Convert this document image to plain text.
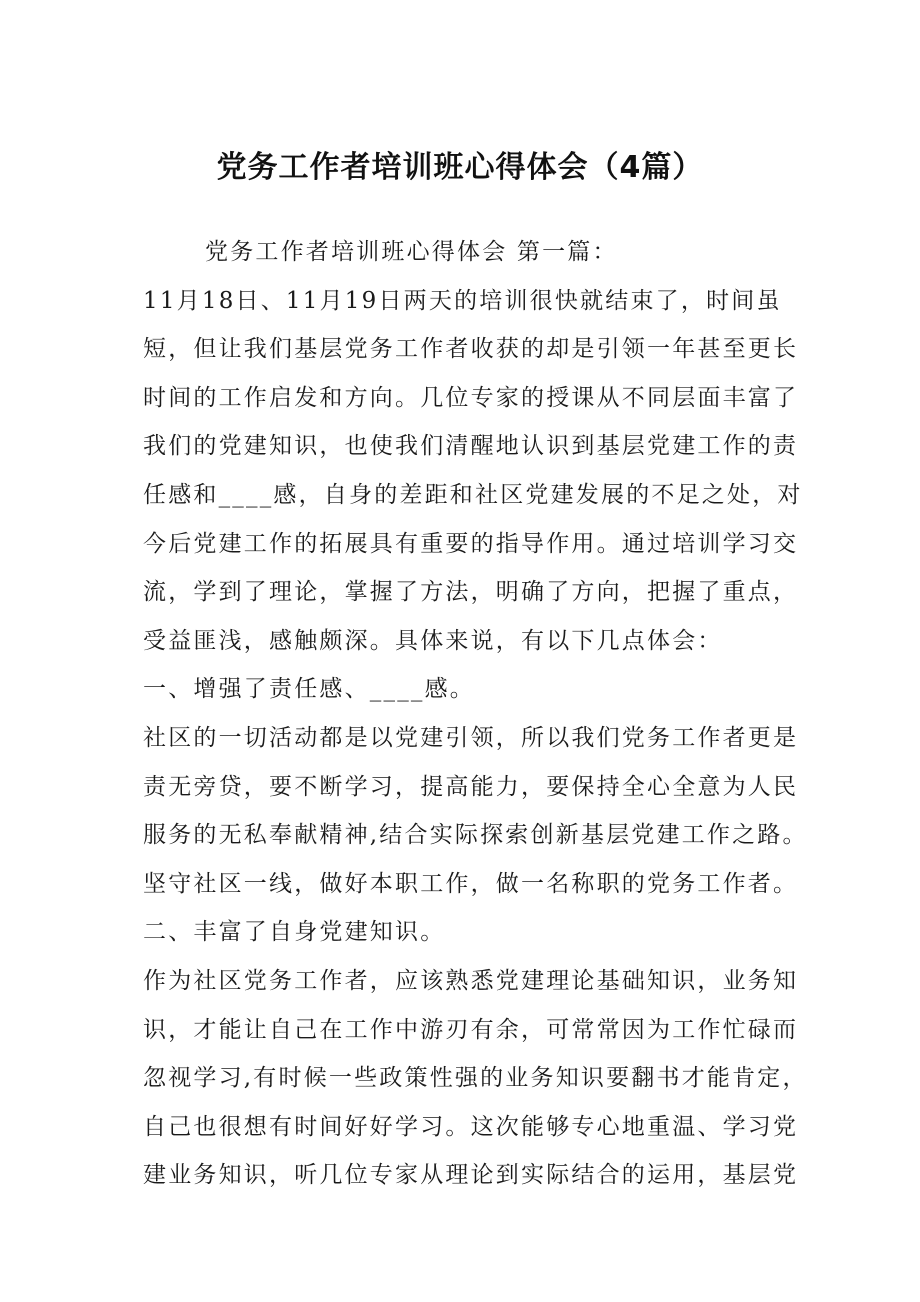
党务工作者培训班心得体会（4篇）
党务工作者培训班心得体会 第一篇：
11月18日、11月19日两天的培训很快就结束了，时间虽
短，但让我们基层党务工作者收获的却是引领一年甚至更长
时间的工作启发和方向。几位专家的授课从不同层面丰富了
我们的党建知识，也使我们清醒地认识到基层党建工作的责
任感和____感，自身的差距和社区党建发展的不足之处，对
今后党建工作的拓展具有重要的指导作用。通过培训学习交
流，学到了理论，掌握了方法，明确了方向，把握了重点，
受益匪浅，感触颇深。具体来说，有以下几点体会：
一、增强了责任感、____感。
社区的一切活动都是以党建引领，所以我们党务工作者更是
责无旁贷，要不断学习，提高能力，要保持全心全意为人民
服务的无私奉献精神,结合实际探索创新基层党建工作之路。
坚守社区一线，做好本职工作，做一名称职的党务工作者。
二、丰富了自身党建知识。
作为社区党务工作者，应该熟悉党建理论基础知识，业务知
识，才能让自己在工作中游刃有余，可常常因为工作忙碌而
忽视学习,有时候一些政策性强的业务知识要翻书才能肯定，
自己也很想有时间好好学习。这次能够专心地重温、学习党
建业务知识，听几位专家从理论到实际结合的运用，基层党
